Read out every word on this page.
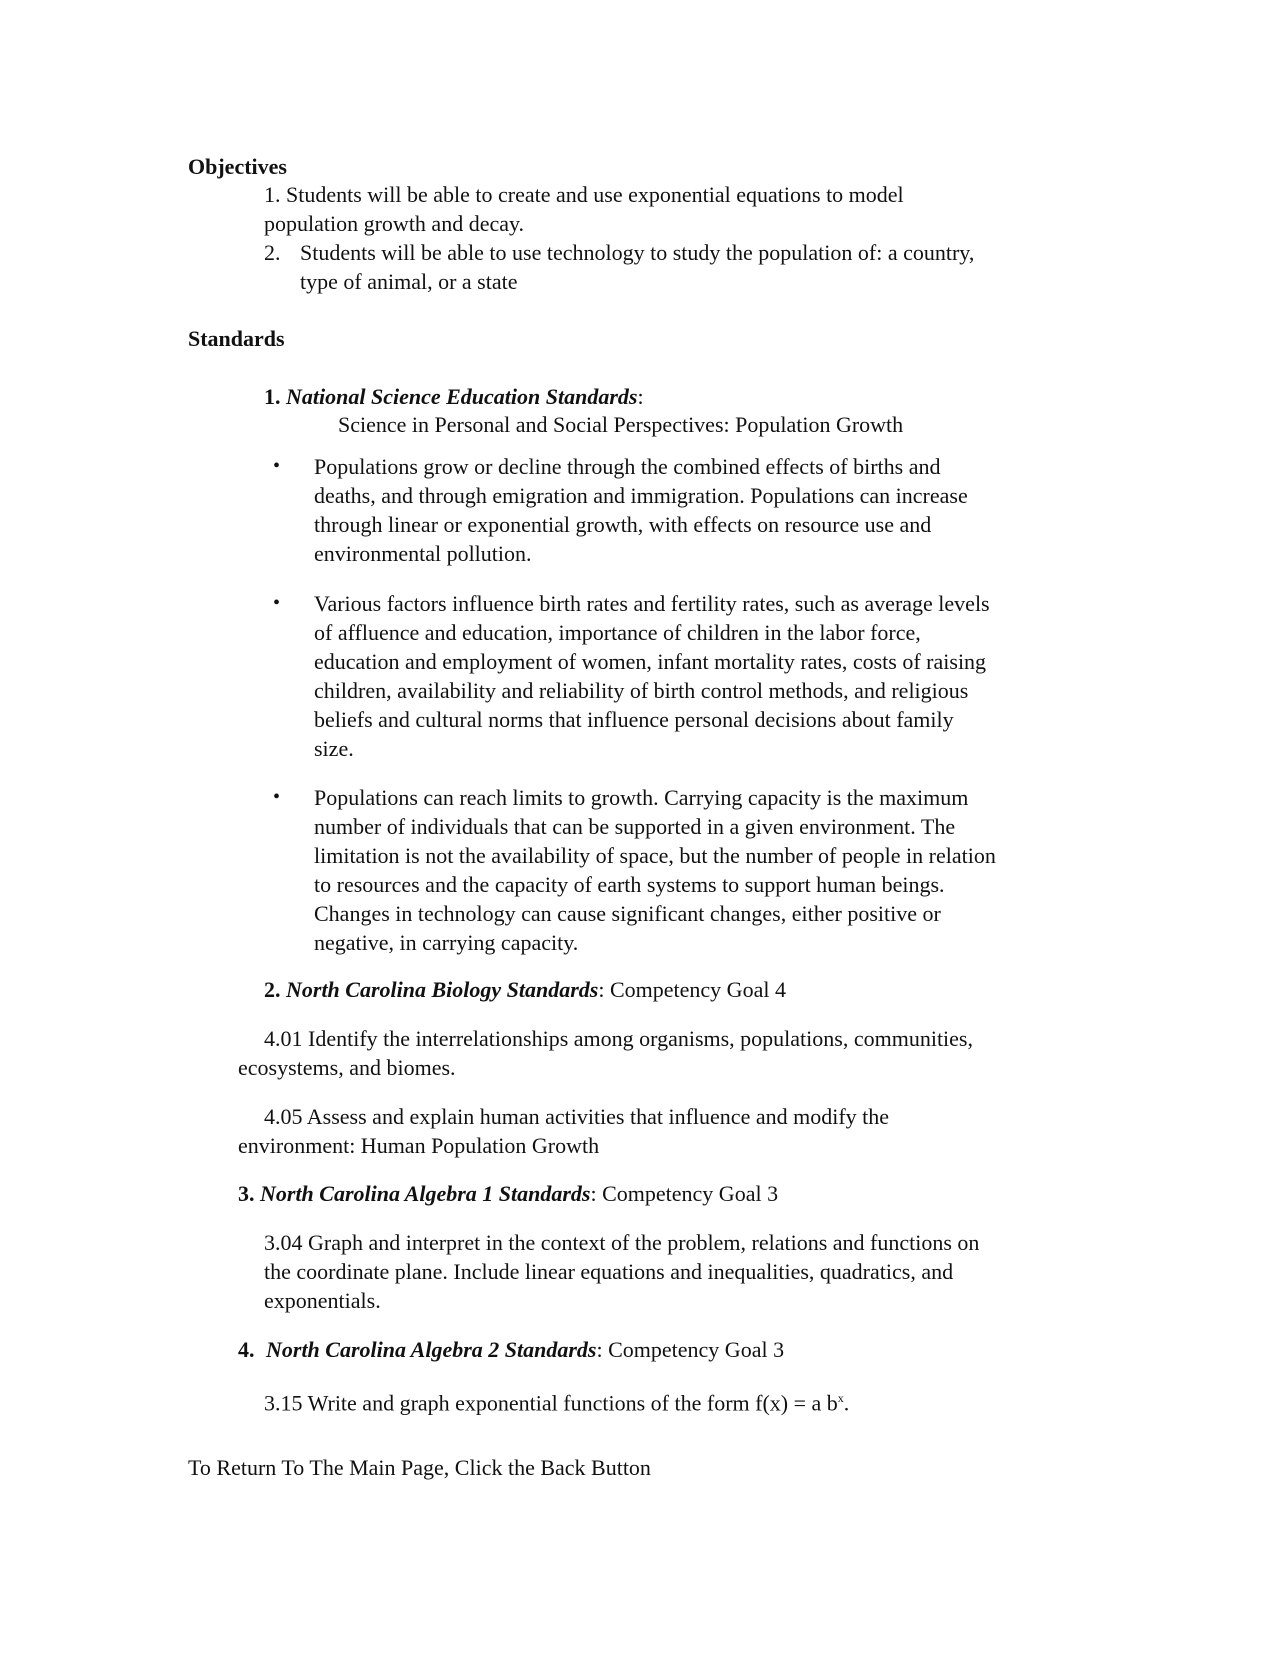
Objectives
1. Students will be able to create and use exponential equations to model
population growth and decay.
2. Students will be able to use technology to study the population of: a country,
type of animal, or a state
Standards
1. National Science Education Standards:
Science in Personal and Social Perspectives: Population Growth
• Populations grow or decline through the combined effects of births and
deaths, and through emigration and immigration. Populations can increase
through linear or exponential growth, with effects on resource use and
environmental pollution.
• Various factors influence birth rates and fertility rates, such as average levels
of affluence and education, importance of children in the labor force,
education and employment of women, infant mortality rates, costs of raising
children, availability and reliability of birth control methods, and religious
beliefs and cultural norms that influence personal decisions about family
size.
• Populations can reach limits to growth. Carrying capacity is the maximum
number of individuals that can be supported in a given environment. The
limitation is not the availability of space, but the number of people in relation
to resources and the capacity of earth systems to support human beings.
Changes in technology can cause significant changes, either positive or
negative, in carrying capacity.
2. North Carolina Biology Standards: Competency Goal 4
4.01 Identify the interrelationships among organisms, populations, communities,
ecosystems, and biomes.
4.05 Assess and explain human activities that influence and modify the
environment: Human Population Growth
3. North Carolina Algebra 1 Standards: Competency Goal 3
3.04 Graph and interpret in the context of the problem, relations and functions on
the coordinate plane. Include linear equations and inequalities, quadratics, and
exponentials.
4. North Carolina Algebra 2 Standards: Competency Goal 3
3.15 Write and graph exponential functions of the form f(x) = a $b^x$.
To Return To The Main Page, Click the Back Button
